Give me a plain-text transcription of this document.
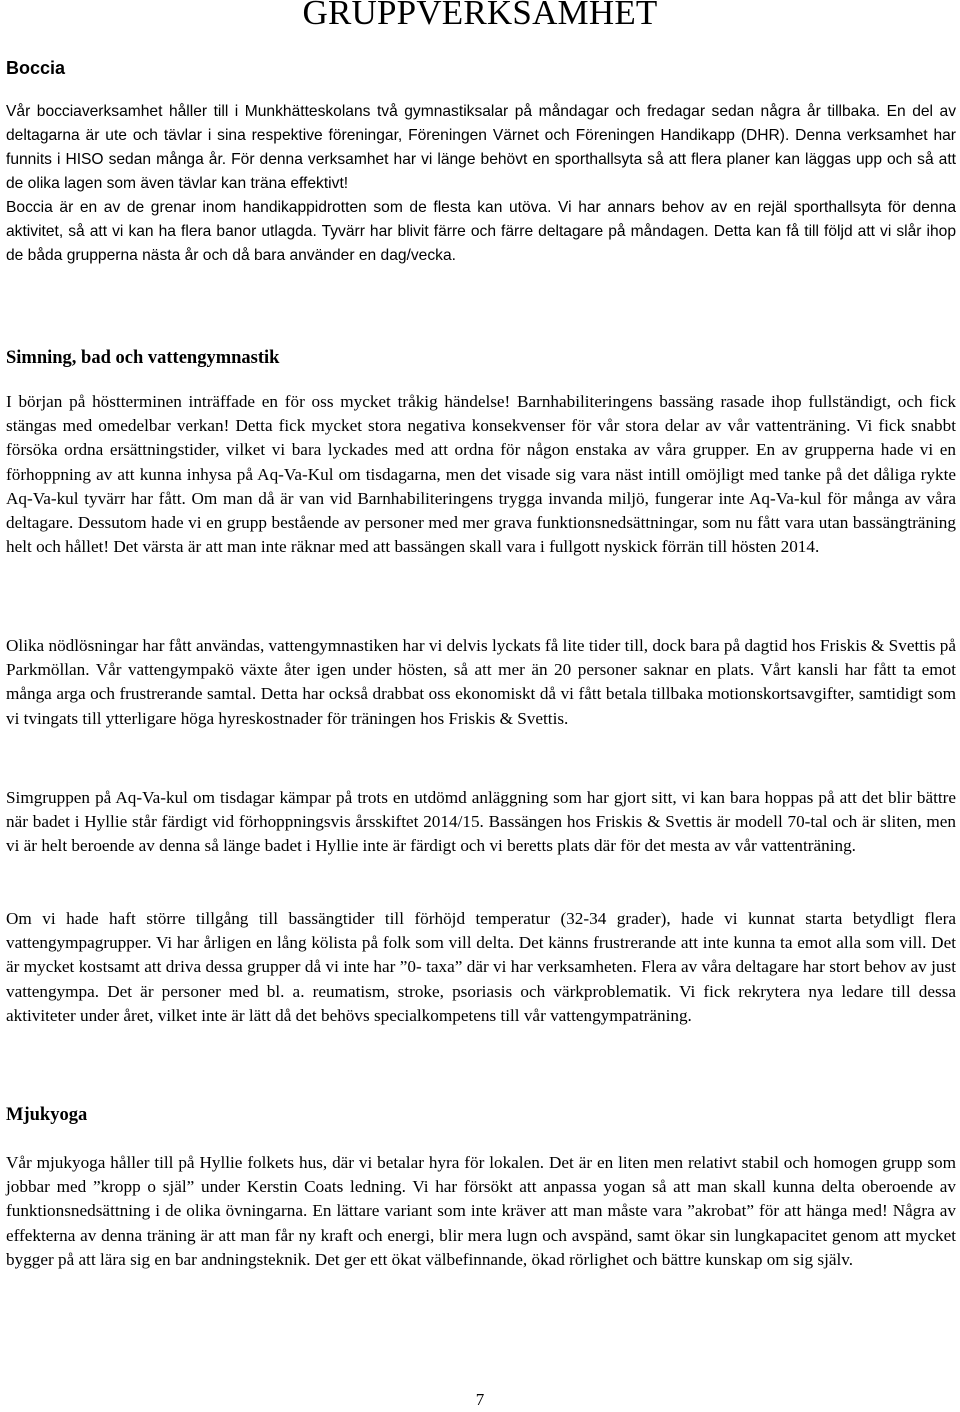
GRUPPVERKSAMHET
Boccia

Vår bocciaverksamhet håller till i Munkhätteskolans två gymnastiksalar på måndagar och fredagar sedan några år tillbaka. En del av deltagarna är ute och tävlar i sina respektive föreningar, Föreningen Värnet och Föreningen Handikapp (DHR). Denna verksamhet har funnits i HISO sedan många år. För denna verksamhet har vi länge behövt en sporthallsyta så att flera planer kan läggas upp och så att de olika lagen som även tävlar kan träna effektivt!

Boccia är en av de grenar inom handikappidrotten som de flesta kan utöva. Vi har annars behov av en rejäl sporthallsyta för denna aktivitet, så att vi kan ha flera banor utlagda. Tyvärr har blivit färre och färre deltagare på måndagen. Detta kan få till följd att vi slår ihop de båda grupperna nästa år och då bara använder en dag/vecka.

Simning, bad och vattengymnastik
I början på höstterminen inträffade en för oss mycket tråkig händelse! Barnhabiliteringens bassäng rasade ihop fullständigt, och fick stängas med omedelbar verkan! Detta fick mycket stora negativa konsekvenser för vår stora delar av vår vattenträning. Vi fick snabbt försöka ordna ersättningstider, vilket vi bara lyckades med att ordna för någon enstaka av våra grupper. En av grupperna hade vi en förhoppning av att kunna inhysa på Aq-Va-Kul om tisdagarna, men det visade sig vara näst intill omöjligt med tanke på det dåliga rykte Aq-Va-kul tyvärr har fått. Om man då är van vid Barnhabiliteringens trygga invanda miljö, fungerar inte Aq-Va-kul för många av våra deltagare. Dessutom hade vi en grupp bestående av personer med mer grava funktionsnedsättningar, som nu fått vara utan bassängträning helt och hållet! Det värsta är att man inte räknar med att bassängen skall vara i fullgott nyskick förrän till hösten 2014.
Olika nödlösningar har fått användas, vattengymnastiken har vi delvis lyckats få lite tider till, dock bara på dagtid hos Friskis & Svettis på Parkmöllan. Vår vattengympakö växte åter igen under hösten, så att mer än 20 personer saknar en plats. Vårt kansli har fått ta emot många arga och frustrerande samtal. Detta har också drabbat oss ekonomiskt då vi fått betala tillbaka motionskortsavgifter, samtidigt som vi tvingats till ytterligare höga hyreskostnader för träningen hos Friskis & Svettis.
Simgruppen på Aq-Va-kul om tisdagar kämpar på trots en utdömd anläggning som har gjort sitt, vi kan bara hoppas på att det blir bättre när badet i Hyllie står färdigt vid förhoppningsvis årsskiftet 2014/15. Bassängen hos Friskis & Svettis är modell 70-tal och är sliten, men vi är helt beroende av denna så länge badet i Hyllie inte är färdigt och vi beretts plats där för det mesta av vår vattenträning.
Om vi hade haft större tillgång till bassängtider till förhöjd temperatur (32-34 grader), hade vi kunnat starta betydligt flera vattengympagrupper. Vi har årligen en lång kölista på folk som vill delta. Det känns frustrerande att inte kunna ta emot alla som vill. Det är mycket kostsamt att driva dessa grupper då vi inte har ”0- taxa” där vi har verksamheten. Flera av våra deltagare har stort behov av just vattengympa. Det är personer med bl. a. reumatism, stroke, psoriasis och värkproblematik. Vi fick rekrytera nya ledare till dessa aktiviteter under året, vilket inte är lätt då det behövs specialkompetens till vår vattengympaträning.
Mjukyoga
Vår mjukyoga håller till på Hyllie folkets hus, där vi betalar hyra för lokalen. Det är en liten men relativt stabil och homogen grupp som jobbar med ”kropp o själ” under Kerstin Coats ledning. Vi har försökt att anpassa yogan så att man skall kunna delta oberoende av funktionsnedsättning i de olika övningarna. En lättare variant som inte kräver att man måste vara ”akrobat” för att hänga med! Några av effekterna av denna träning är att man får ny kraft och energi, blir mera lugn och avspänd, samt ökar sin lungkapacitet genom att mycket bygger på att lära sig en bar andningsteknik. Det ger ett ökat välbefinnande, ökad rörlighet och bättre kunskap om sig själv.
7
